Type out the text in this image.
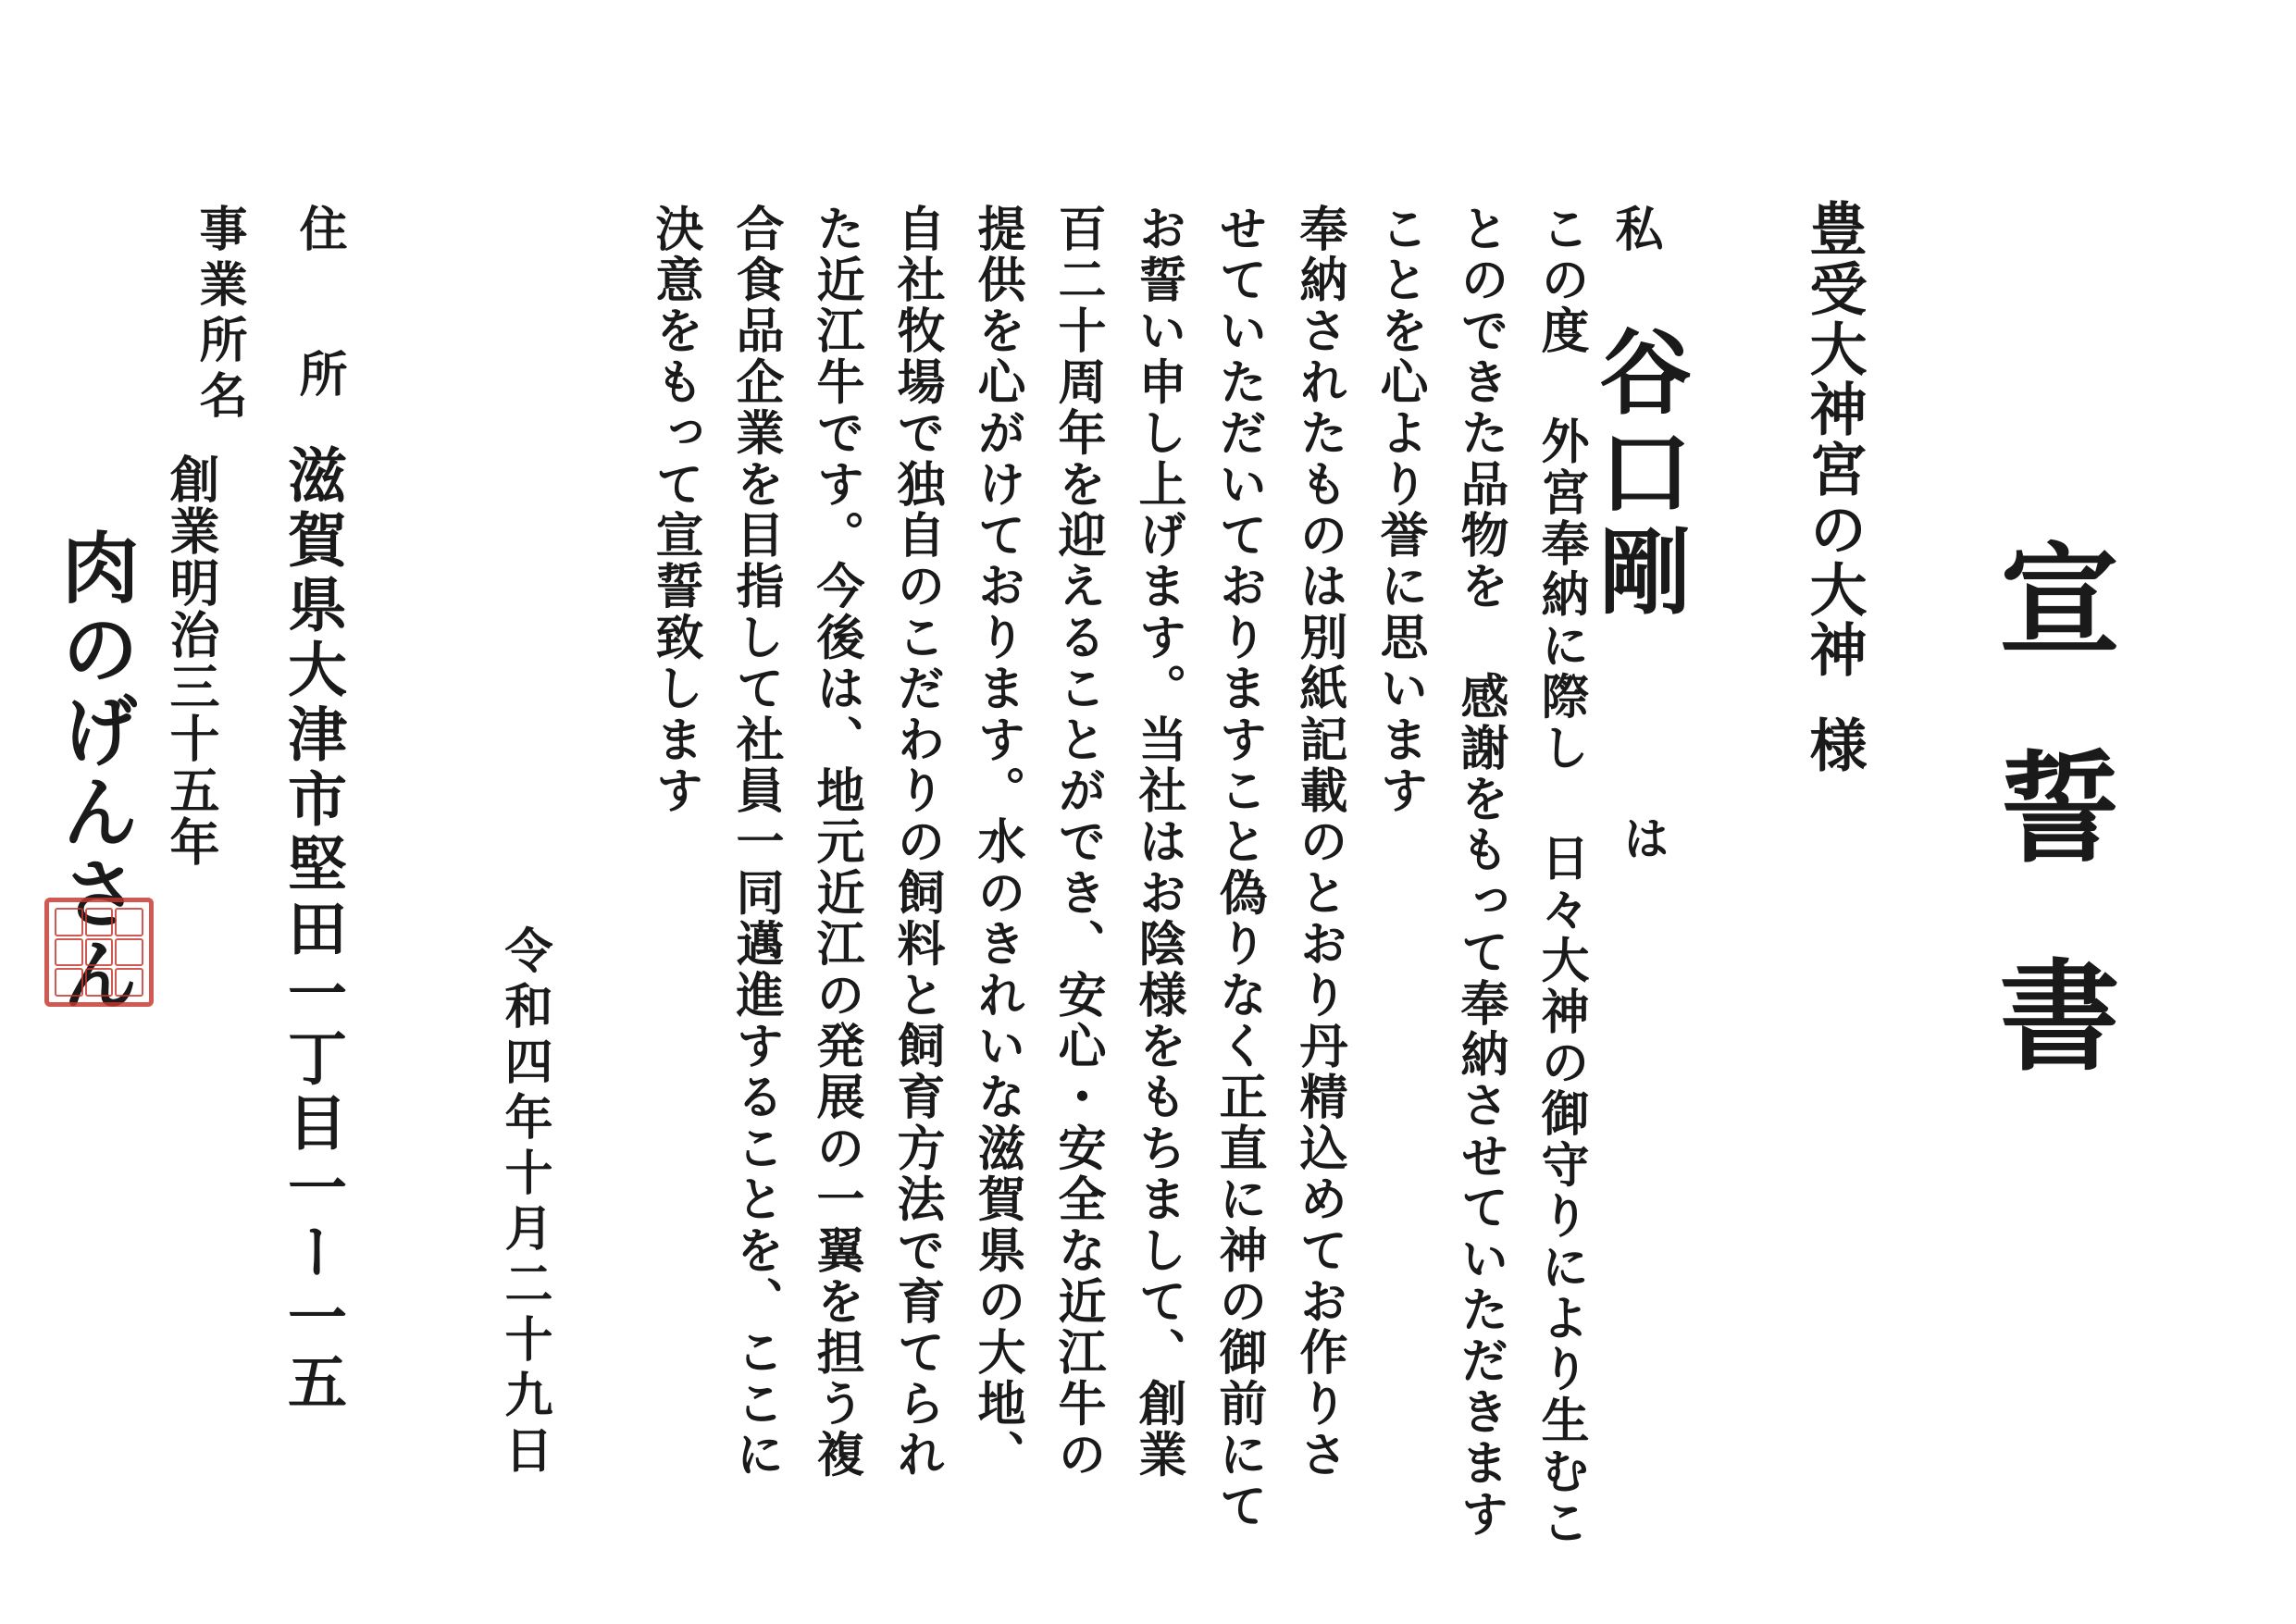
宣誓書
豊受大神宮の大神様
私
谷口剛
は
この度 外宮奉納に際し 日々大神の御守りにより生むこ
とのできた品物を 感謝をもって奉納させていただきます
ことを心より誉に思います
奉納されたものは別紙記載のとおり丹精込めてお作りさ
せていただいておりますこと偽りなく正直に神の御前にて
お誓い申し上げます。当社はお陰様をもちまして、創業
百二十周年を迎えることができ、安心・安全な近江牛の
提供を心がけております。水のきれいな滋賀県の大地、
自社牧場で独自のこだわりの飼料と飼育方法で育てられ
た近江牛です。今後は、地元近江の発展の一翼を担う複
合食品企業を目指して社員一同邁進することを、ここに
決意をもって宣誓致します
令和四年十月二十九日
住所
滋賀県大津市堅田一丁目一ー一五
事業所名
創業明治三十五年
肉のげんさん
